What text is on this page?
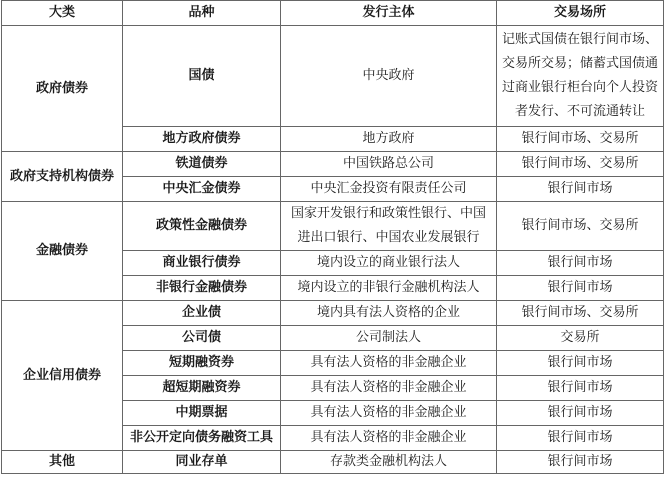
大类	品种	发行主体	交易场所
政府债券	国债	中央政府	记账式国债在银行间市场、交易所交易；储蓄式国债通过商业银行柜台向个人投资者发行、不可流通转让

	地方政府债券	地方政府	银行间市场、交易所
政府支持机构债券	铁道债券	中国铁路总公司	银行间市场、交易所
	中央汇金债券	中央汇金投资有限责任公司	银行间市场
金融债券	政策性金融债券	国家开发银行和政策性银行、中国进出口银行、中国农业发展银行	银行间市场、交易所
	商业银行债券	境内设立的商业银行法人	银行间市场
	非银行金融债券	境内设立的非银行金融机构法人	银行间市场
企业信用债券	企业债	境内具有法人资格的企业	银行间市场、交易所
	公司债	公司制法人	交易所
	短期融资券	具有法人资格的非金融企业	银行间市场
	超短期融资券	具有法人资格的非金融企业	银行间市场
	中期票据	具有法人资格的非金融企业	银行间市场
	非公开定向债务融资工具	具有法人资格的非金融企业	银行间市场
其他	同业存单	存款类金融机构法人	银行间市场
